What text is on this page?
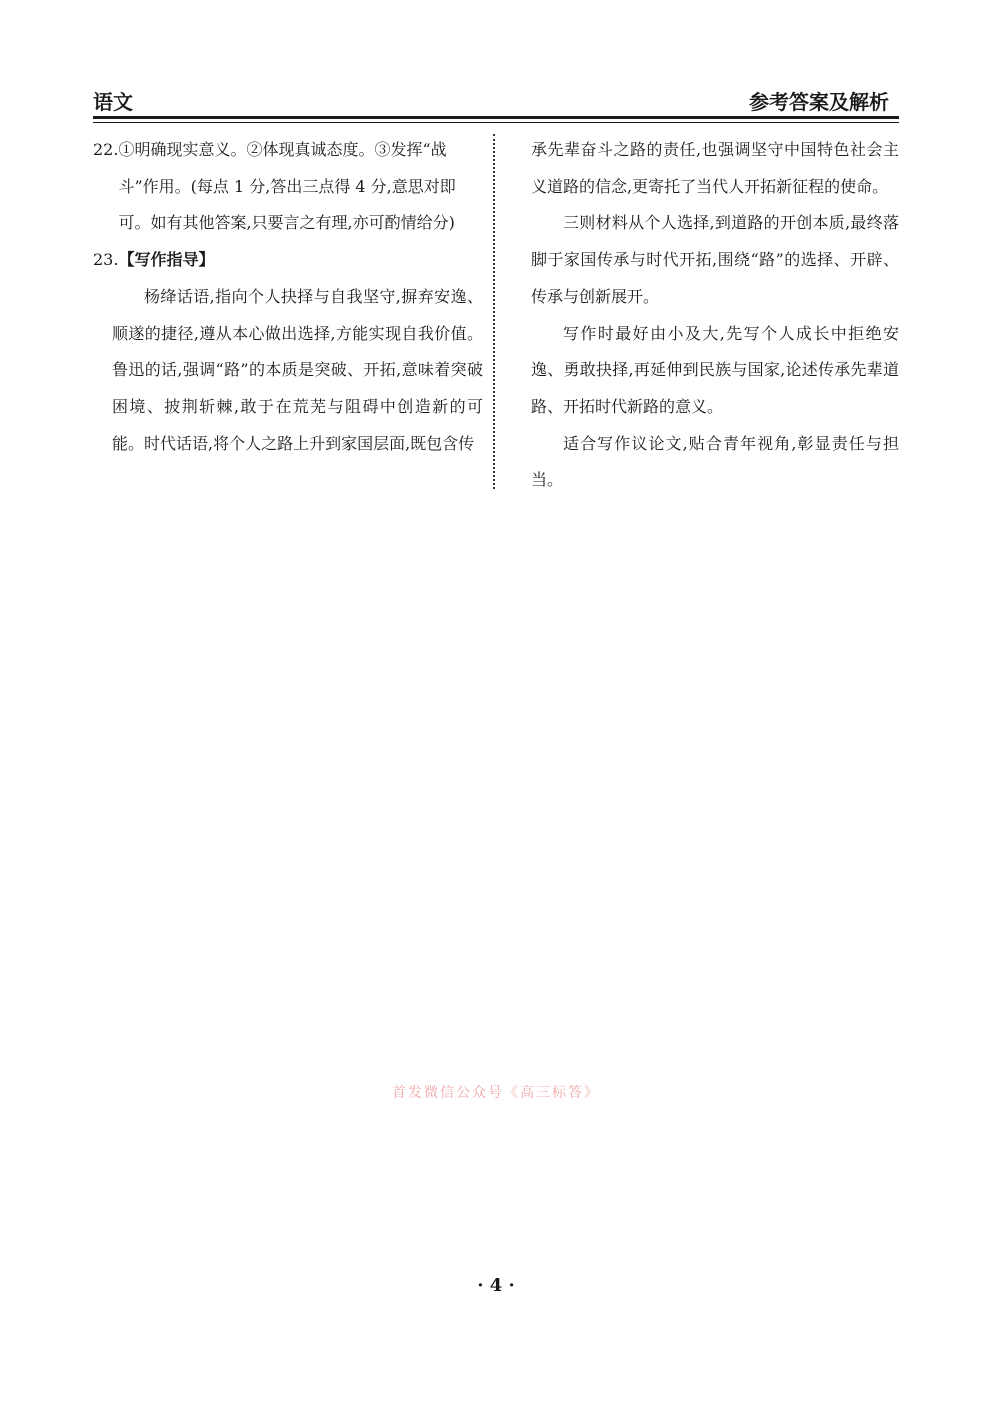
语文	参考答案及解析
22. ①明确现实意义。②体现真诚态度。③发挥“战
斗”作用。(每点 1 分,答出三点得 4 分,意思对即
可。如有其他答案,只要言之有理,亦可酌情给分)
23. 【写作指导】

杨绛话语,指向个人抉择与自我坚守,摒弃安逸、顺遂的捷径,遵从本心做出选择,方能实现自我价值。鲁迅的话,强调“路”的本质是突破、开拓,意味着突破困境、披荆斩棘,敢于在荒芜与阻碍中创造新的可能。时代话语,将个人之路上升到家国层面,既包含传

承先辈奋斗之路的责任,也强调坚守中国特色社会主义道路的信念,更寄托了当代人开拓新征程的使命。

三则材料从个人选择,到道路的开创本质,最终落脚于家国传承与时代开拓,围绕“路”的选择、开辟、传承与创新展开。

写作时最好由小及大,先写个人成长中拒绝安逸、勇敢抉择,再延伸到民族与国家,论述传承先辈道路、开拓时代新路的意义。

适合写作议论文,贴合青年视角,彰显责任与担当。

首发微信公众号《高三标答》
· 4 ·
